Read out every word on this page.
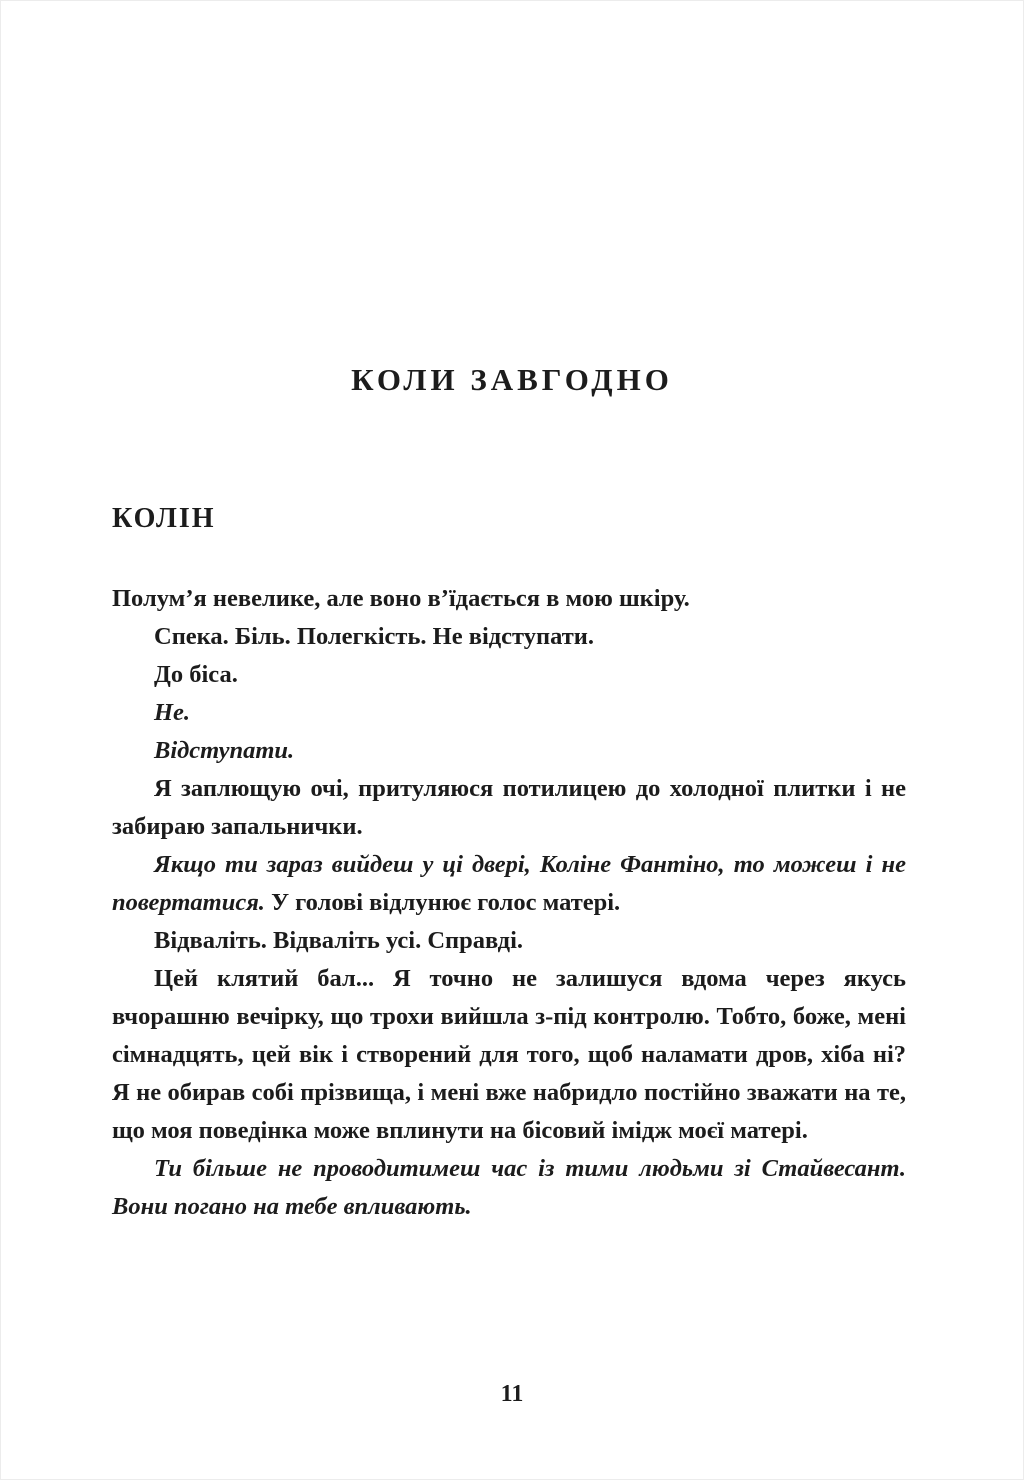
КОЛИ ЗАВГОДНО
КОЛІН

Полум’я невелике, але воно в’їдається в мою шкіру.

Спека. Біль. Полегкість. Не відступати.

До біса.

Не.

Відступати.

Я заплющую очі, притуляюся потилицею до холодної плитки і не забираю запальнички.

Якщо ти зараз вийдеш у ці двері, Коліне Фантіно, то можеш і не повертатися. У голові відлунює голос матері.

Відваліть. Відваліть усі. Справді.

Цей клятий бал... Я точно не залишуся вдома через якусь вчорашню вечірку, що трохи вийшла з-під контролю. Тобто, боже, мені сімнадцять, цей вік і створений для того, щоб наламати дров, хіба ні? Я не обирав собі прізвища, і мені вже набридло постійно зважати на те, що моя поведінка може вплинути на бісовий імідж моєї матері.

Ти більше не проводитимеш час із тими людьми зі Стайвесант. Вони погано на тебе впливають.

11
